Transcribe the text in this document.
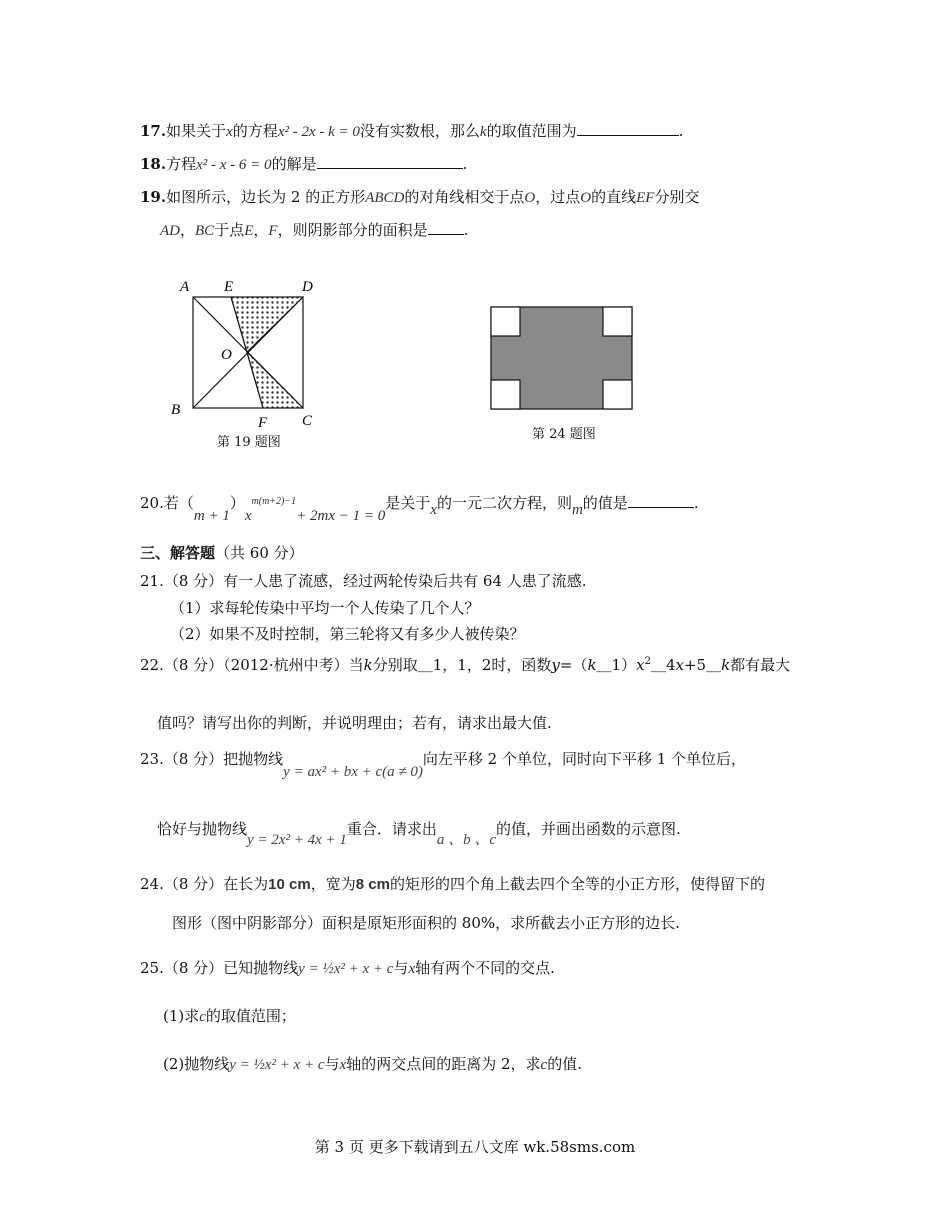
17.如果关于x的方程x² - 2x - k = 0没有实数根，那么k的取值范围为	.
18.方程x² - x - 6 = 0的解是	.
19.如图所示，边长为 2 的正方形ABCD的对角线相交于点O，过点O的直线EF分别交
AD，BC于点E，F，则阴影部分的面积是 .
A E	D
O
B
F C
第 19 题图
第 24 题图
20.若$(m + 1)x^{m(m+2)-1}+ 2mx - 1 = 0$是关于x的一元二次方程，则m的值是	.
三、解答题（共 60 分）
21.（8 分）有一人患了流感，经过两轮传染后共有 64 人患了流感.
（1）求每轮传染中平均一个人传染了几个人？
（2）如果不及时控制，第三轮将又有多少人被传染？
22.（8 分）（2012·杭州中考）当k分别取＿1，1，2时，函数$y=(k\_1)x^2\_4x+5\_k$都有最大
值吗？请写出你的判断，并说明理由；若有，请求出最大值.
23.（8 分）把抛物线y = ax² + bx + c(a ≠ 0)向左平移 2 个单位，同时向下平移 1 个单位后，
恰好与抛物线y = 2x² + 4x + 1重合．请求出a 、b 、c的值，并画出函数的示意图.
24.（8 分）在长为10 cm，宽为8 cm的矩形的四个角上截去四个全等的小正方形，使得留下的
图形（图中阴影部分）面积是原矩形面积的 80%，求所截去小正方形的边长.
25.（8 分）已知抛物线y = ½x² + x + c与x轴有两个不同的交点.
(1)求c的取值范围；
(2)抛物线y = ½x² + x + c与x轴的两交点间的距离为 2，求c的值.
第 3 页 更多下载请到五八文库 wk.58sms.com
